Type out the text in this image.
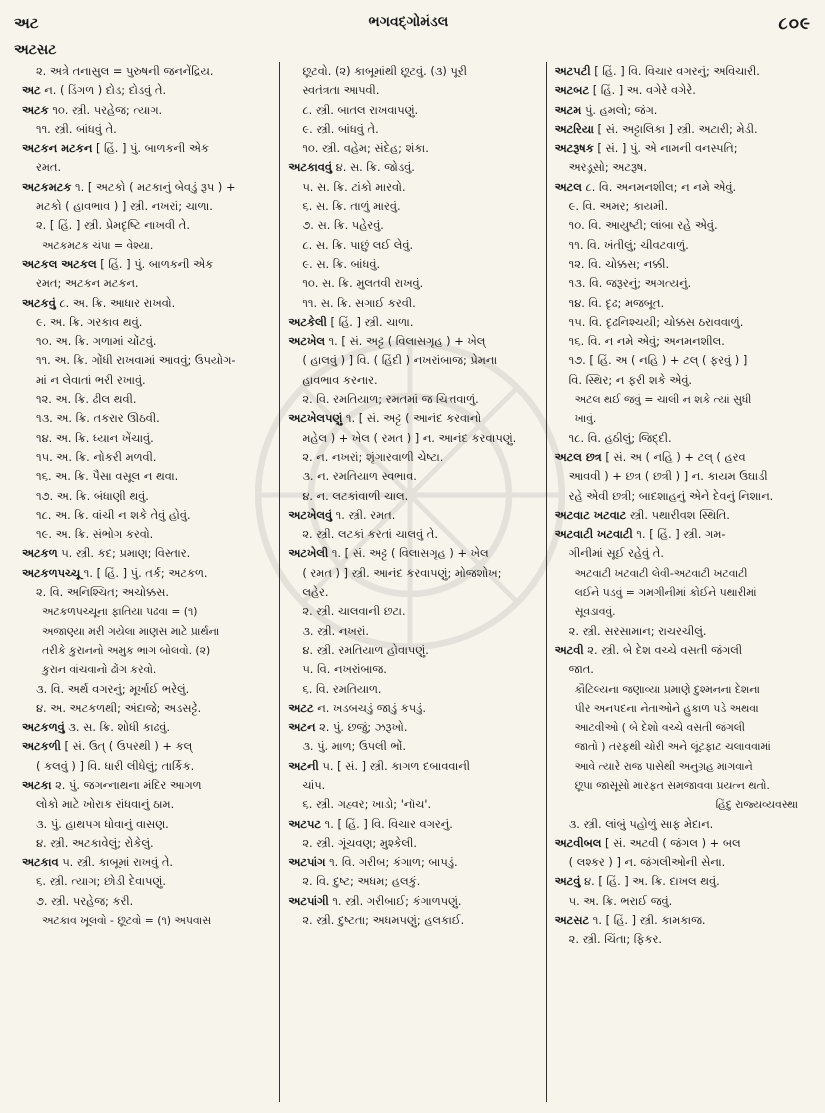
અટ	ભગવદ્ગોમંડલ	૮૦૯
અટસટ
૨. અત્રે તનાસુલ = પુરુષની જનનેંદ્રિય.
અટ ન. ( ડિંગળ ) દોડ; દોડવું તે.
અટક ૧૦. સ્ત્રી. પરહેજ; ત્યાગ.
૧૧. સ્ત્રી. બાંધવું તે.
અટકન મટકન [ હિં. ] પું. બાળકની એક
રમત.
અટકમટક ૧. [ અટકો ( મટકાનું બેવડું રૂપ ) +
મટકો ( હાવભાવ ) ] સ્ત્રી. નખરાં; ચાળા.
૨. [ હિં. ] સ્ત્રી. પ્રેમદૃષ્ટિ નાખવી તે.
અટકમટક ચંપા = વેશ્યા.
અટકલ અટકલ [ હિં. ] પું. બાળકની એક
રમત; અટકન મટકન.
અટકવું ૮. અ. ક્રિ. આધાર રાખવો.
૯. અ. ક્રિ. ગરકાવ થવું.
૧૦. અ. ક્રિ. ગળામાં ચોંટવું.
૧૧. અ. ક્રિ. ગોંધી રાખવામાં આવવું; ઉપયોગ-
માં ન લેવાતાં ભરી રખાવું.
૧૨. અ. ક્રિ. ઢીલ થવી.
૧૩. અ. ક્રિ. તકરાર ઊઠવી.
૧૪. અ. ક્રિ. ધ્યાન ખેંચાવું.
૧૫. અ. ક્રિ. નોકરી મળવી.
૧૬. અ. ક્રિ. પૈસા વસૂલ ન થવા.
૧૭. અ. ક્રિ. બંધાણી થવું.
૧૮. અ. ક્રિ. વાંચી ન શકે તેવું હોવું.
૧૯. અ. ક્રિ. સંભોગ કરવો.
અટકળ ૫. સ્ત્રી. કદ; પ્રમાણ; વિસ્તાર.
અટકળપચ્ચૂ ૧. [ હિં. ] પું. તર્ક; અટકળ.
૨. વિ. અનિશ્ચિત; અચોક્કસ.
અટકળપચ્ચૂના ફાતિયા પઢવા = (૧)
અજાણ્યા મરી ગયેલા માણસ માટે પ્રાર્થના
તરીકે કુરાનનો અમુક ભાગ બોલવો. (૨)
કુરાન વાંચવાનો ઢોંગ કરવો.
૩. વિ. અર્થ વગરનું; મૂર્ખાઈ ભરેલું.
૪. અ. અટકળથી; અંદાજે; અડસટ્ટે.
અટકળવું ૩. સ. ક્રિ. શોધી કાઢવું.
અટકળી [ સં. ઉત્ ( ઉપરથી ) + કલ્
( કલવું ) ] વિ. ધારી લીધેલું; તાર્કિક.
અટકા ૨. પું. જગન્નાથના મંદિર આગળ
લોકો માટે ખોરાક રાંધવાનું ઠામ.
૩. પું. હાથપગ ધોવાનું વાસણ.
૪. સ્ત્રી. અટકાવેલું; રોકેલું.
અટકાવ ૫. સ્ત્રી. કાબૂમાં રાખવું તે.
૬. સ્ત્રી. ત્યાગ; છોડી દેવાપણું.
૭. સ્ત્રી. પરહેજ; કરી.
અટકાવ ખૂલવો - છૂટવો = (૧) અપવાસ
છૂટવો. (૨) કાબૂમાંથી છૂટવું. (૩) પૂરી
સ્વતંત્રતા આપવી.
૮. સ્ત્રી. બાતલ રાખવાપણું.
૯. સ્ત્રી. બાંધવું તે.
૧૦. સ્ત્રી. વહેમ; સંદેહ; શંકા.
અટકાવવું ૪. સ. ક્રિ. જોડવું.
૫. સ. ક્રિ. ટાંકો મારવો.
૬. સ. ક્રિ. તાળું મારવું.
૭. સ. ક્રિ. પહેરવું.
૮. સ. ક્રિ. પાછું લઈ લેવું.
૯. સ. ક્રિ. બાંધવું.
૧૦. સ. ક્રિ. મુલતવી રાખવું.
૧૧. સ. ક્રિ. સગાઈ કરવી.
અટકેલી [ હિં. ] સ્ત્રી. ચાળા.
અટખેલ ૧. [ સં. અટ્ટ ( વિલાસગૃહ ) + ખેલ્
( હાલવું ) ] વિ. ( હિંદી ) નખરાંબાજ; પ્રેમના
હાવભાવ કરનાર.
૨. વિ. રમતિયાળ; રમતમાં જ ચિત્તવાળું.
અટખેલપણું ૧. [ સં. અટ્ટ ( આનંદ કરવાનો
મહેલ ) + ખેલ ( રમત ) ] ન. આનંદ કરવાપણું.
૨. ન. નખરાં; શૃંગારવાળી ચેષ્ટા.
૩. ન. રમતિયાળ સ્વભાવ.
૪. ન. લટકાંવાળી ચાલ.
અટખેલવું ૧. સ્ત્રી. રમત.
૨. સ્ત્રી. લટકાં કરતાં ચાલવું તે.
અટખેલી ૧. [ સં. અટ્ટ ( વિલાસગૃહ ) + ખેલ
( રમત ) ] સ્ત્રી. આનંદ કરવાપણું; મોજશોખ;
લહેર.
૨. સ્ત્રી. ચાલવાની છટા.
૩. સ્ત્રી. નખરાં.
૪. સ્ત્રી. રમતિયાળ હોવાપણું.
૫. વિ. નખરાંબાજ.
૬. વિ. રમતિયાળ.
અટટ ન. ખડબચડું જાડું કપડું.
અટન ૨. પું. છજું; ઝરૂખો.
૩. પું. માળ; ઉપલી ભોં.
અટની ૫. [ સં. ] સ્ત્રી. કાગળ દબાવવાની
ચાંપ.
૬. સ્ત્રી. ગહ્વર; ખાડો; 'નૉચ'.
અટપટ ૧. [ હિં. ] વિ. વિચાર વગરનું.
૨. સ્ત્રી. ગૂંચવણ; મુશ્કેલી.
અટપાંગ ૧. વિ. ગરીબ; કંગાળ; બાપડું.
૨. વિ. દુષ્ટ; અધમ; હલકું.
અટપાંગી ૧. સ્ત્રી. ગરીબાઈ; કંગાળપણું.
૨. સ્ત્રી. દુષ્ટતા; અધમપણું; હલકાઈ.
અટપટી [ હિં. ] વિ. વિચાર વગરનું; અવિચારી.
અટબટ [ હિં. ] અ. વગેરે વગેરે.
અટમ પું. હમલો; જંગ.
અટરિયા [ સં. અટ્ટાલિકા ] સ્ત્રી. અટારી; મેડી.
અટરૂષક [ સં. ] પું. એ નામની વનસ્પતિ;
અરડૂસો; અટરૂષ.
અટલ ૮. વિ. અનમનશીલ; ન નમે એવું.
૯. વિ. અમર; કાયમી.
૧૦. વિ. આયુષ્ટી; લાંબા રહે એવું.
૧૧. વિ. ખંતીલું; ચીવટવાળું.
૧૨. વિ. ચોક્કસ; નક્કી.
૧૩. વિ. જરૂરનું; અગત્યનું.
૧૪. વિ. દૃઢ; મજબૂત.
૧૫. વિ. દૃઢનિશ્ચયી; ચોક્કસ ઠરાવવાળું.
૧૬. વિ. ન નમે એવું; અનમનશીલ.
૧૭. [ હિં. અ ( નહિ ) + ટલ્ ( ફરવું ) ]
વિ. સ્થિર; ન ફરી શકે એવું.
અટલ થઈ જવું = ચાલી ન શકે ત્યાં સુધી
ખાવું.
૧૮. વિ. હઠીલું; જિદ્દી.
અટલ છત્ર [ સં. અ ( નહિ ) + ટલ્ ( હરવ
આવવી ) + છત્ર ( છત્રી ) ] ન. કાયમ ઉઘાડી
રહે એવી છત્રી; બાદશાહનું એને દેવનું નિશાન.
અટવાટ ખટવાટ સ્ત્રી. પથારીવશ સ્થિતિ.
અટવાટી ખટવાટી ૧. [ હિં. ] સ્ત્રી. ગમ-
ગીનીમાં સૂઈ રહેવું તે.
અટવાટી ખટવાટી લેવી-અટવાટી ખટવાટી
લઈને પડવું = ગમગીનીમાં કોઈને પથારીમાં
સૂવડાવવું.
૨. સ્ત્રી. સરસામાન; રાચરચીલું.
અટવી ૨. સ્ત્રી. બે દેશ વચ્ચે વસતી જંગલી
જાત.
કૌટિલ્યના જણાવ્યા પ્રમાણે દુશ્મનના દેશના
પીર અનપદના નેતાઓને હુકાળ પડે અથવા
આટવીઓ ( બે દેશો વચ્ચે વસતી જંગલી
જાતો ) તરફથી ચોરી અને લૂંટફાટ ચલાવવામાં
આવે ત્યારે રાજ પાસેથી અનુગ્રહ માગવાને
છૂપા જાસૂસો મારફત સમજાવવા પ્રયત્ન થતો.
હિંદુ રાજ્યવ્યવસ્થા
૩. સ્ત્રી. લાંબું પહોળું સાફ મેદાન.
અટવીબલ [ સં. અટવી ( જંગલ ) + બલ
( લશ્કર ) ] ન. જંગલીઓની સેના.
અટવું ૪. [ હિં. ] અ. ક્રિ. દાખલ થવું.
૫. અ. ક્રિ. ભરાઈ જવું.
અટસટ ૧. [ હિં. ] સ્ત્રી. કામકાજ.
૨. સ્ત્રી. ચિંતા; ફિકર.
